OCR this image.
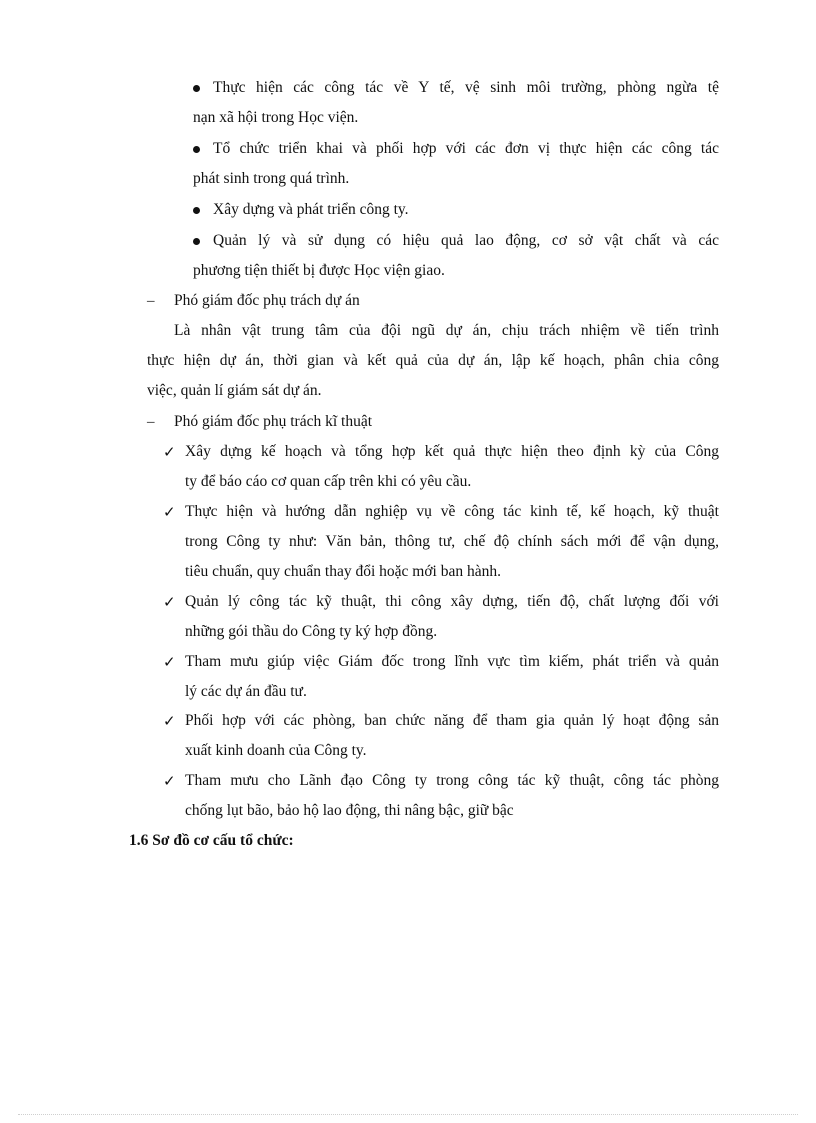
Thực hiện các công tác về Y tế, vệ sinh môi trường, phòng ngừa tệ
nạn xã hội trong Học viện.
Tổ chức triển khai và phối hợp với các đơn vị thực hiện các công tác
phát sinh trong quá trình.
Xây dựng và phát triển công ty.
Quản lý và sử dụng có hiệu quả lao động, cơ sở vật chất và các
phương tiện thiết bị được Học viện giao.
–	Phó giám đốc phụ trách dự án
Là nhân vật trung tâm của đội ngũ dự án, chịu trách nhiệm về tiến trình
thực hiện dự án, thời gian và kết quả của dự án, lập kế hoạch, phân chia công
việc, quản lí giám sát dự án.
–	Phó giám đốc phụ trách kĩ thuật
✓ Xây dựng kế hoạch và tổng hợp kết quả thực hiện theo định kỳ của Công
ty để báo cáo cơ quan cấp trên khi có yêu cầu.
✓ Thực hiện và hướng dẫn nghiệp vụ về công tác kinh tế, kế hoạch, kỹ thuật
trong Công ty như: Văn bản, thông tư, chế độ chính sách mới để vận dụng,
tiêu chuẩn, quy chuẩn thay đổi hoặc mới ban hành.
✓ Quản lý công tác kỹ thuật, thi công xây dựng, tiến độ, chất lượng đối với
những gói thầu do Công ty ký hợp đồng.
✓ Tham mưu giúp việc Giám đốc trong lĩnh vực tìm kiếm, phát triển và quản
lý các dự án đầu tư.
✓ Phối hợp với các phòng, ban chức năng để tham gia quản lý hoạt động sản
xuất kinh doanh của Công ty.
✓ Tham mưu cho Lãnh đạo Công ty trong công tác kỹ thuật, công tác phòng
chống lụt bão, bảo hộ lao động, thi nâng bậc, giữ bậc
1.6 Sơ đồ cơ cấu tổ chức:
